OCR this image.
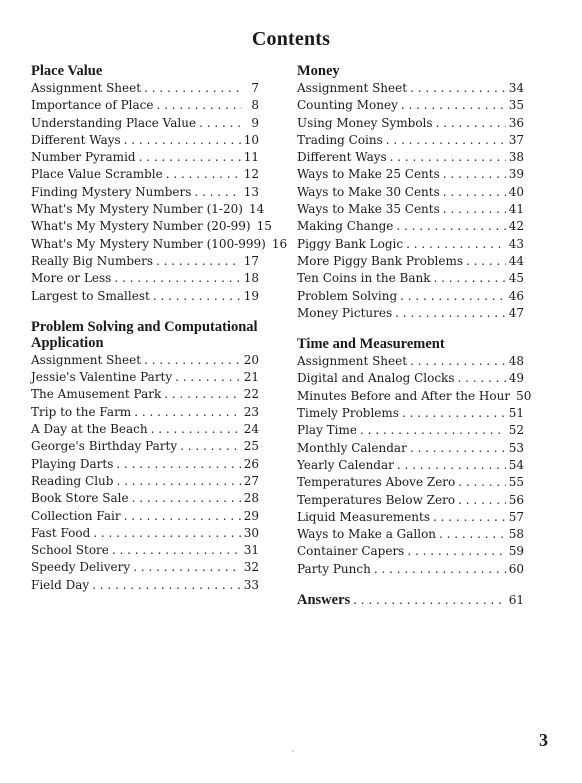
Contents
Place Value
Assignment Sheet . . .	7
Importance of Place . . .	8
Understanding Place Value . . .	9
Different Ways . . .	10
Number Pyramid . . .	11
Place Value Scramble . . .	12
Finding Mystery Numbers . . .	13
What's My Mystery Number (1-20) 14
What's My Mystery Number (20-99) 15
What's My Mystery Number (100-999) 16
Really Big Numbers . . .	17
More or Less . . .	18
Largest to Smallest . . .	19
Problem Solving and Computational
Application
Assignment Sheet . . .	20
Jessie's Valentine Party . . .	21
The Amusement Park . . .	22
Trip to the Farm . . .	23
A Day at the Beach . . .	24
George's Birthday Party . . .	25
Playing Darts . . .	26
Reading Club . . .	27
Book Store Sale . . .	28
Collection Fair . . .	29
Fast Food . . .	30
School Store . . .	31
Speedy Delivery . . .	32
Field Day . . .	33
Money
Assignment Sheet . . .	34
Counting Money . . .	35
Using Money Symbols . . .	36
Trading Coins . . .	37
Different Ways . . .	38
Ways to Make 25 Cents . . .	39
Ways to Make 30 Cents . . .	40
Ways to Make 35 Cents . . .	41
Making Change . . .	42
Piggy Bank Logic . . .	43
More Piggy Bank Problems . . .	44
Ten Coins in the Bank . . .	45
Problem Solving . . .	46
Money Pictures . . .	47
Time and Measurement
Assignment Sheet . . .	48
Digital and Analog Clocks . . .	49
Minutes Before and After the Hour 50
Timely Problems . . .	51
Play Time . . .	52
Monthly Calendar . . .	53
Yearly Calendar . . .	54
Temperatures Above Zero . . .	55
Temperatures Below Zero . . .	56
Liquid Measurements . . .	57
Ways to Make a Gallon . . .	58
Container Capers . . .	59
Party Punch . . .	60
Answers . . .	61
3
